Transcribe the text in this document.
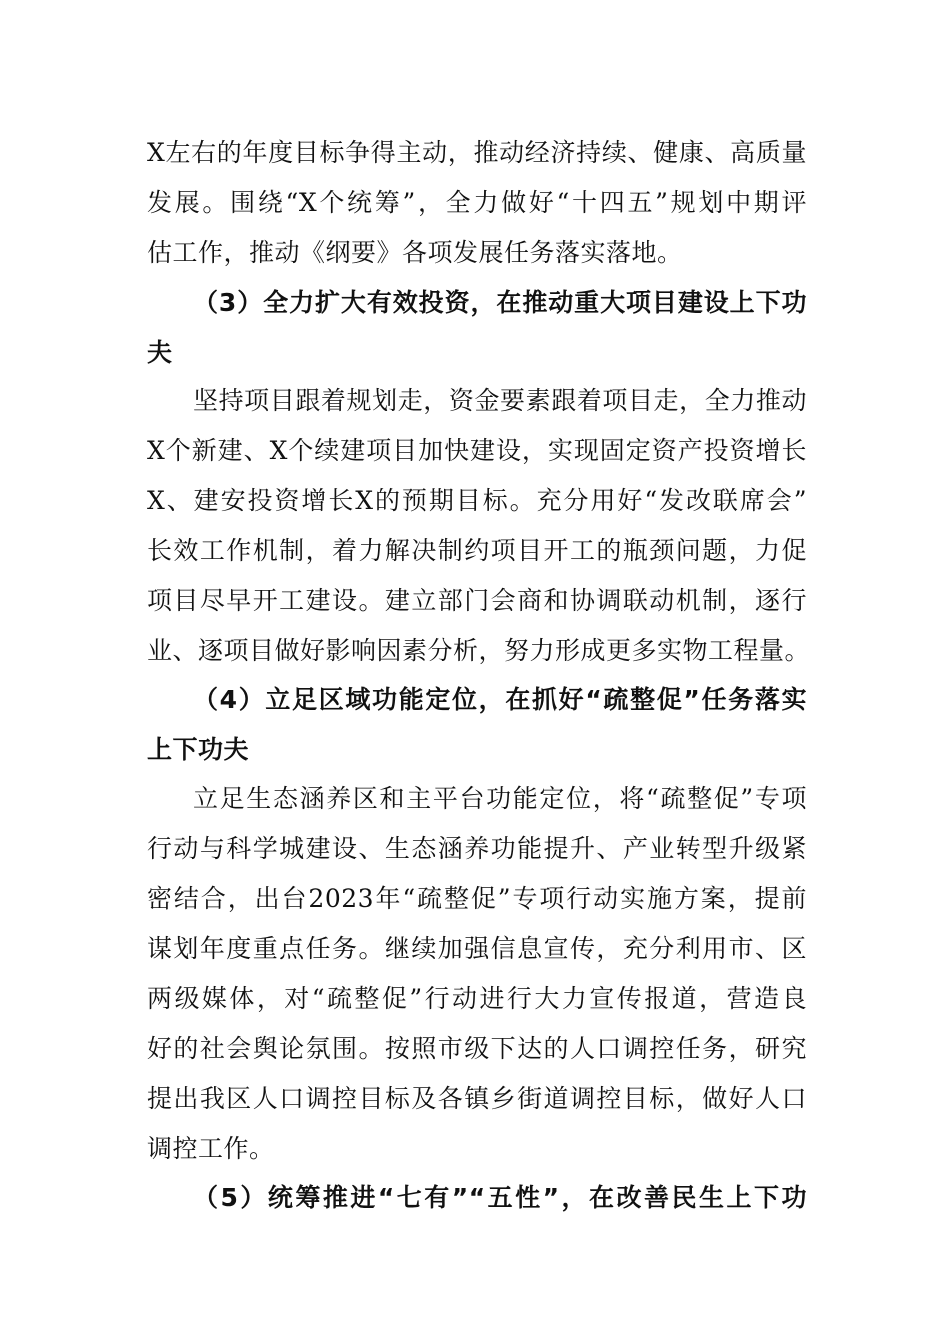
X左右的年度目标争得主动，推动经济持续、健康、高质量
发展。围绕“X个统筹”，全力做好“十四五”规划中期评
估工作，推动《纲要》各项发展任务落实落地。
（3）全力扩大有效投资，在推动重大项目建设上下功
夫
坚持项目跟着规划走，资金要素跟着项目走，全力推动
X个新建、X个续建项目加快建设，实现固定资产投资增长
X、建安投资增长X的预期目标。充分用好“发改联席会”
长效工作机制，着力解决制约项目开工的瓶颈问题，力促
项目尽早开工建设。建立部门会商和协调联动机制，逐行
业、逐项目做好影响因素分析，努力形成更多实物工程量。
（4）立足区域功能定位，在抓好“疏整促”任务落实
上下功夫
立足生态涵养区和主平台功能定位，将“疏整促”专项
行动与科学城建设、生态涵养功能提升、产业转型升级紧
密结合，出台2023年“疏整促”专项行动实施方案，提前
谋划年度重点任务。继续加强信息宣传，充分利用市、区
两级媒体，对“疏整促”行动进行大力宣传报道，营造良
好的社会舆论氛围。按照市级下达的人口调控任务，研究
提出我区人口调控目标及各镇乡街道调控目标，做好人口
调控工作。
（5）统筹推进“七有”“五性”，在改善民生上下功
